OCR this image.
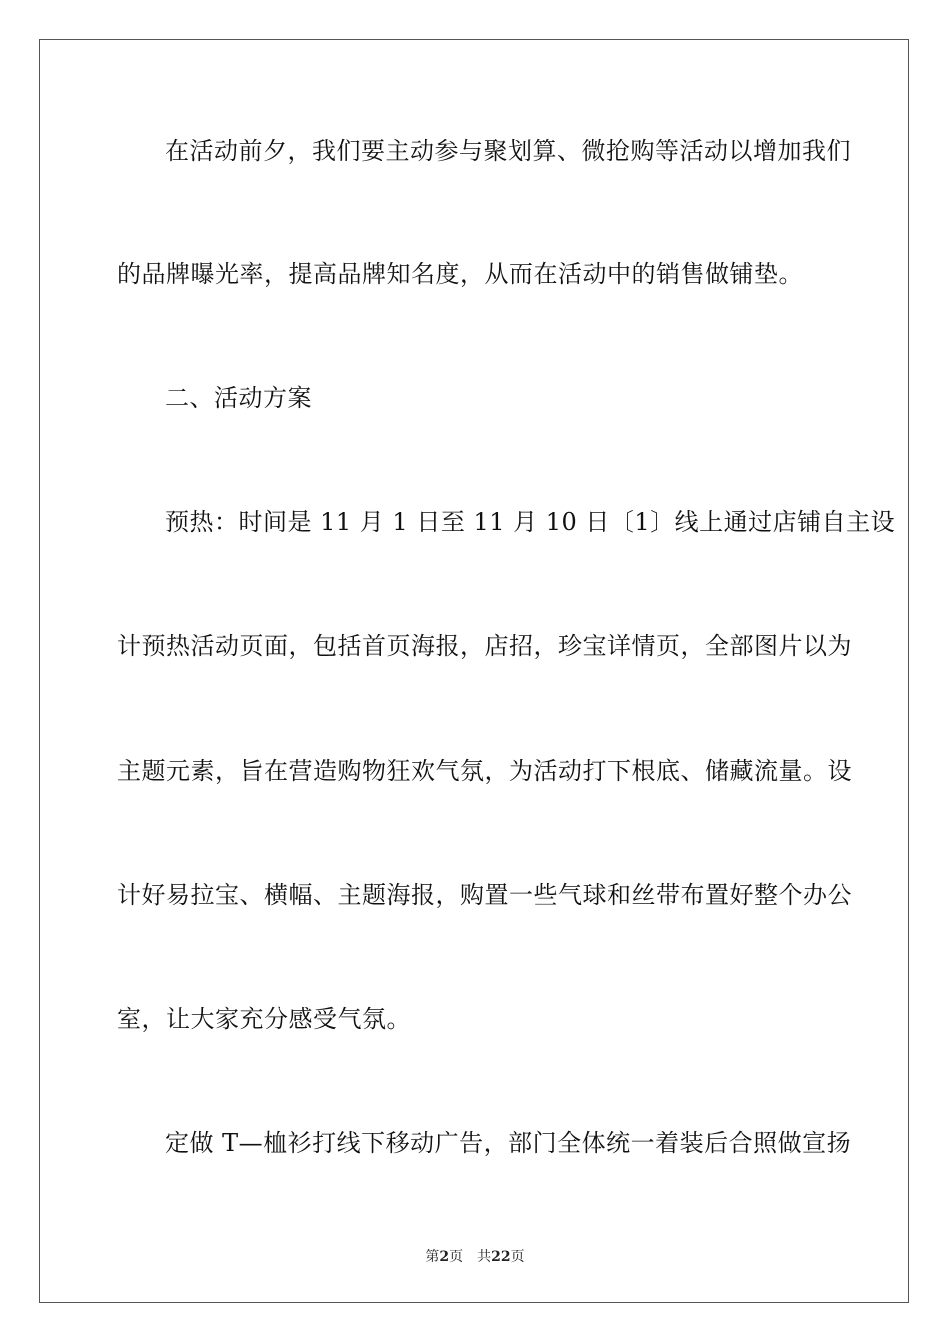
在活动前夕，我们要主动参与聚划算、微抢购等活动以增加我们
的品牌曝光率，提高品牌知名度，从而在活动中的销售做铺垫。
二、活动方案
预热：时间是 11 月 1 日至 11 月 10 日〔1〕线上通过店铺自主设
计预热活动页面，包括首页海报，店招，珍宝详情页，全部图片以为
主题元素，旨在营造购物狂欢气氛，为活动打下根底、储藏流量。设
计好易拉宝、横幅、主题海报，购置一些气球和丝带布置好整个办公
室，让大家充分感受气氛。
定做 T—桖衫打线下移动广告，部门全体统一着装后合照做宣扬
第2页 共22页
